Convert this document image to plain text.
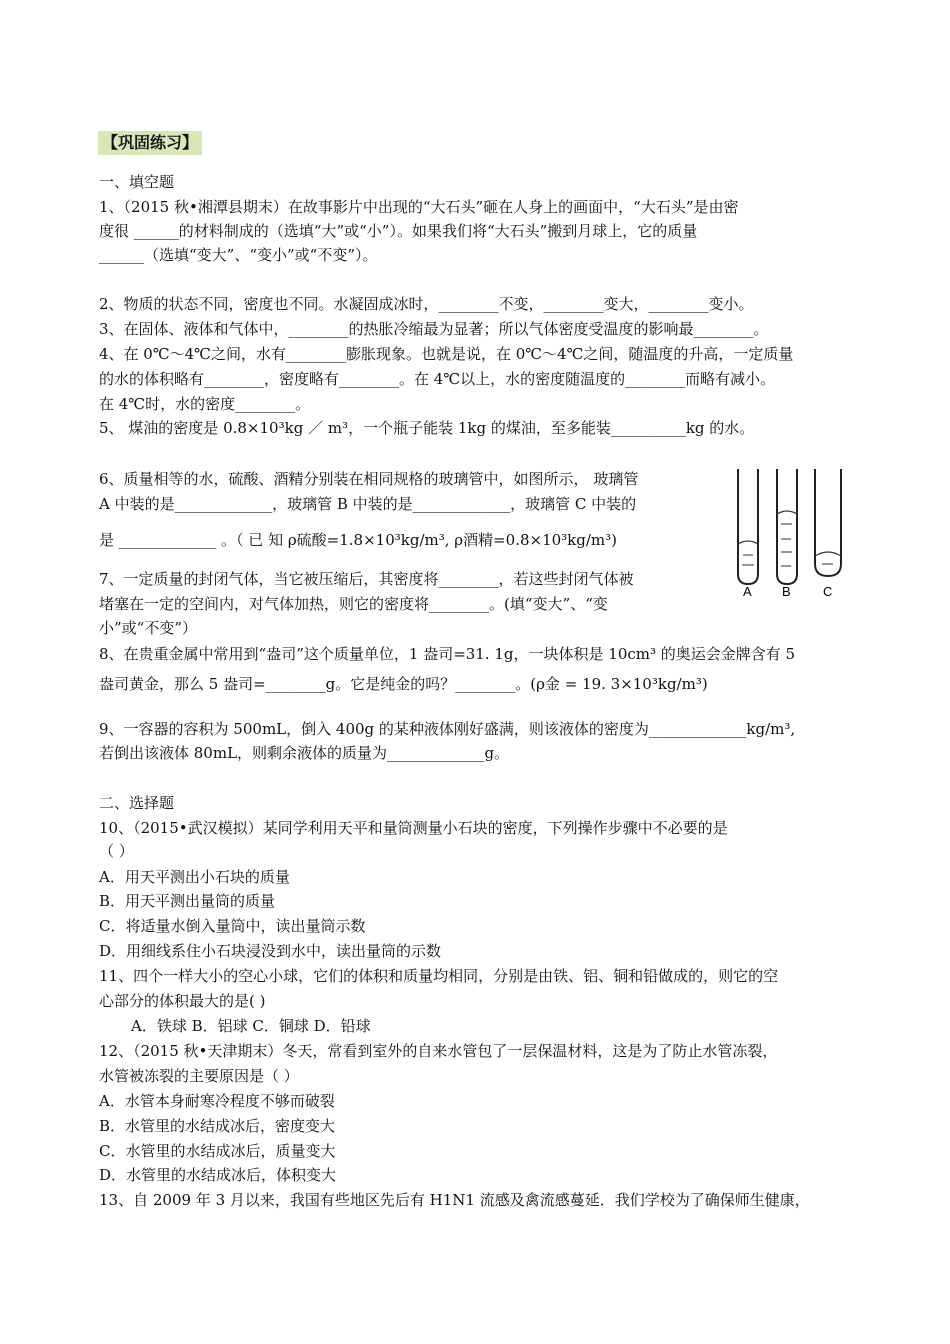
【巩固练习】
一、填空题
1、（2015 秋•湘潭县期末）在故事影片中出现的“大石头”砸在人身上的画面中，“大石头”是由密
度很 ______的材料制成的（选填“大”或“小”）。如果我们将“大石头”搬到月球上，它的质量
______（选填“变大”、“变小”或“不变”）。
2、物质的状态不同，密度也不同。水凝固成冰时，________不变，________变大，________变小。
3、在固体、液体和气体中，________的热胀冷缩最为显著；所以气体密度受温度的影响最________。
4、在 0℃～4℃之间，水有________膨胀现象。也就是说，在 0℃～4℃之间，随温度的升高，一定质量
的水的体积略有________，密度略有________。在 4℃以上，水的密度随温度的________而略有减小。
在 4℃时，水的密度________。
5、 煤油的密度是 0.8×10³kg ／ m³，一个瓶子能装 1kg 的煤油，至多能装__________kg 的水。
6、质量相等的水，硫酸、酒精分别装在相同规格的玻璃管中，如图所示， 玻璃管
A 中装的是_____________，玻璃管 B 中装的是_____________，玻璃管 C 中装的
是 _____________ 。（ 已 知 ρ硫酸=1.8×10³kg/m³, ρ酒精=0.8×10³kg/m³)
7、一定质量的封闭气体，当它被压缩后，其密度将________，若这些封闭气体被
堵塞在一定的空间内，对气体加热，则它的密度将________。(填“变大”、“变
小”或“不变”）
8、在贵重金属中常用到“盎司”这个质量单位，1 盎司=31. 1g，一块体积是 10cm³ 的奥运会金牌含有 5
盎司黄金，那么 5 盎司=________g。它是纯金的吗？________。(ρ金 = 19. 3×10³kg/m³)
9、一容器的容积为 500mL，倒入 400g 的某种液体刚好盛满，则该液体的密度为_____________kg/m³,
若倒出该液体 80mL，则剩余液体的质量为_____________g。
二、选择题
10、（2015•武汉模拟）某同学利用天平和量筒测量小石块的密度，下列操作步骤中不必要的是
（ ）
A．用天平测出小石块的质量
B．用天平测出量筒的质量
C．将适量水倒入量筒中，读出量筒示数
D．用细线系住小石块浸没到水中，读出量筒的示数
11、四个一样大小的空心小球，它们的体积和质量均相同，分别是由铁、铝、铜和铅做成的，则它的空
心部分的体积最大的是( )
A．铁球 B．铝球 C．铜球 D．铅球
12、（2015 秋•天津期末）冬天，常看到室外的自来水管包了一层保温材料，这是为了防止水管冻裂，
水管被冻裂的主要原因是（ ）
A．水管本身耐寒冷程度不够而破裂
B．水管里的水结成冰后，密度变大
C．水管里的水结成冰后，质量变大
D．水管里的水结成冰后，体积变大
13、自 2009 年 3 月以来，我国有些地区先后有 H1N1 流感及禽流感蔓延．我们学校为了确保师生健康，
A B C
